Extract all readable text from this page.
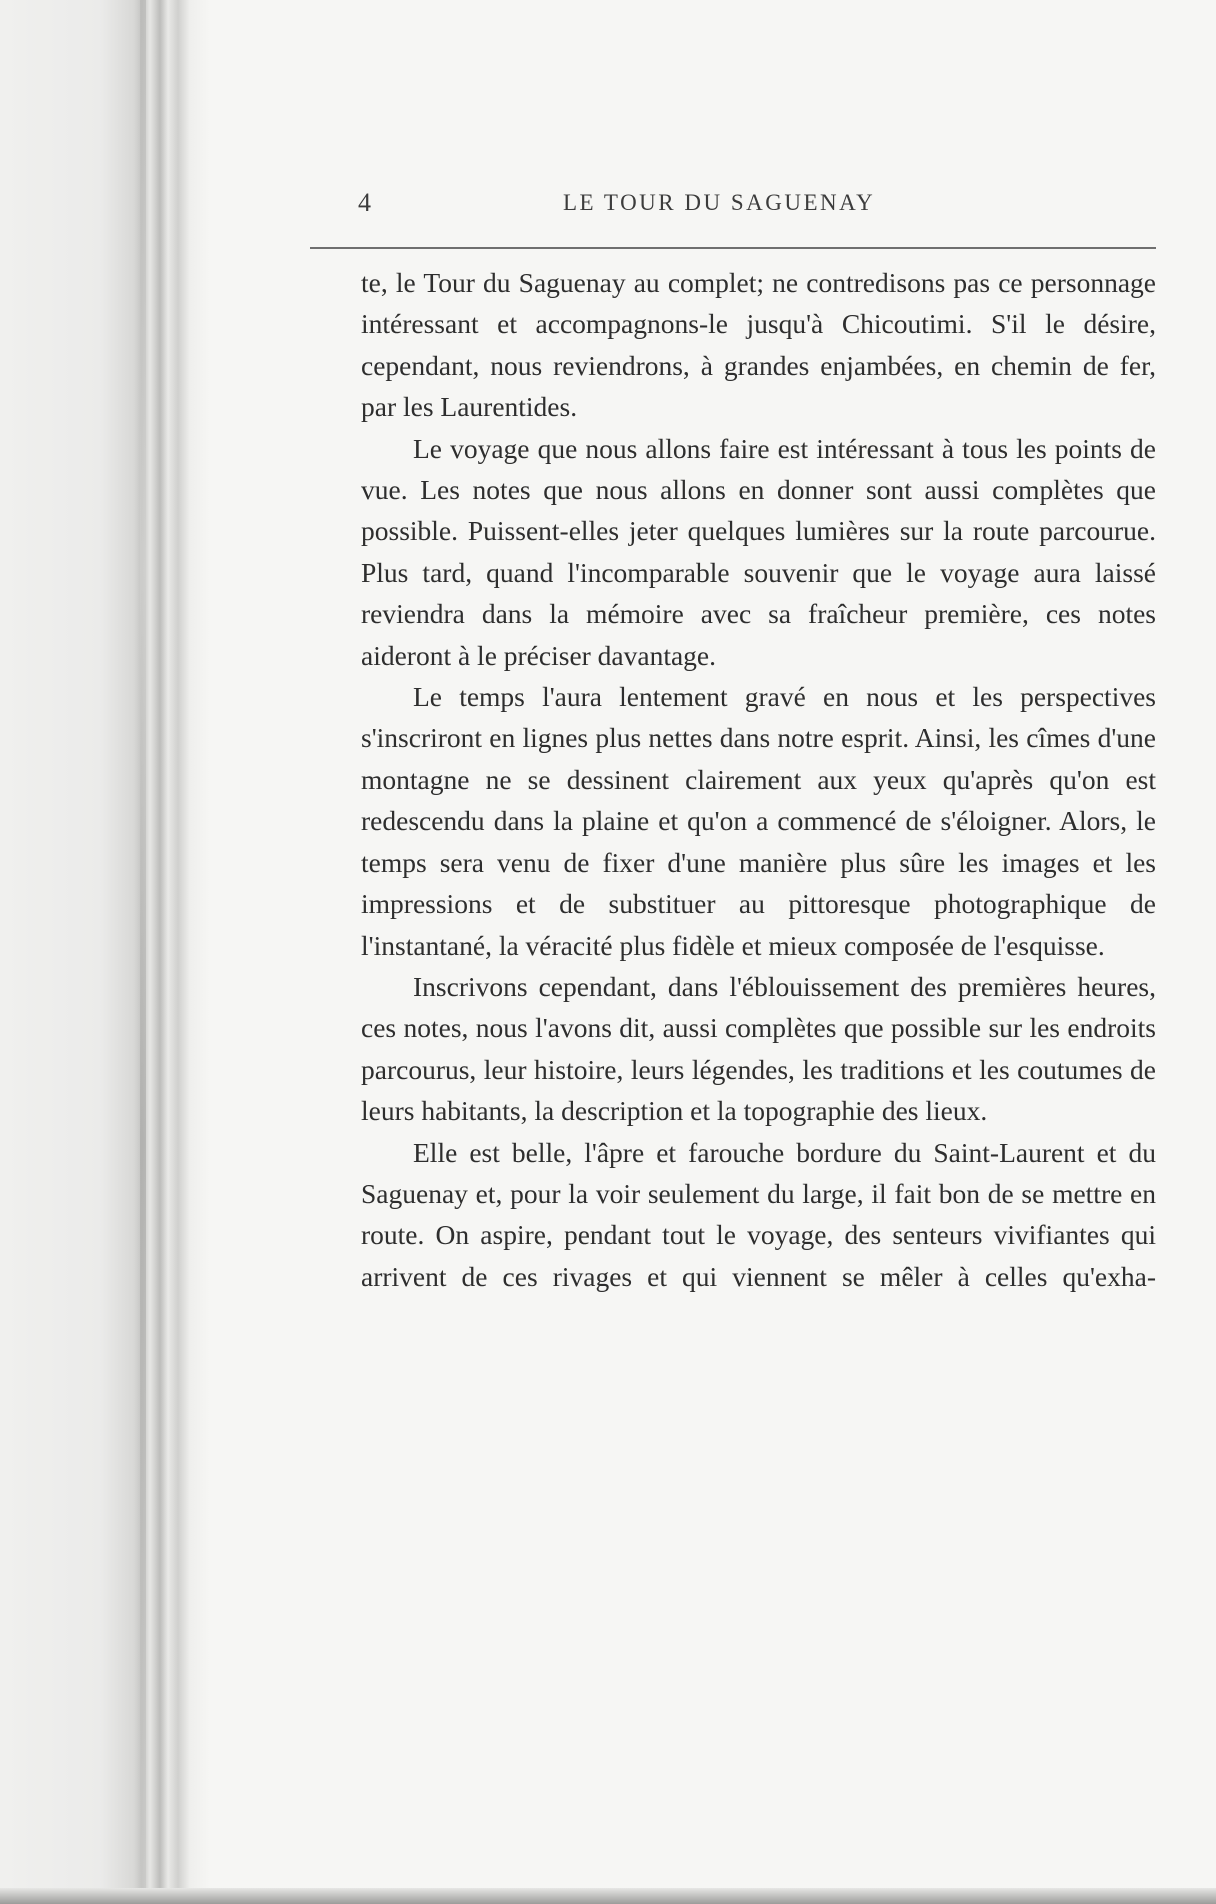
4	LE TOUR DU SAGUENAY

te, le Tour du Saguenay au complet; ne contredisons pas ce personnage intéressant et accompagnons-le jusqu'à Chicoutimi. S'il le désire, cependant, nous reviendrons, à grandes enjambées, en chemin de fer, par les Laurentides.

Le voyage que nous allons faire est intéressant à tous les points de vue. Les notes que nous allons en donner sont aussi complètes que possible. Puissent-elles jeter quelques lumières sur la route parcourue. Plus tard, quand l'incomparable souvenir que le voyage aura laissé reviendra dans la mémoire avec sa fraîcheur première, ces notes aideront à le préciser davantage.

Le temps l'aura lentement gravé en nous et les perspectives s'inscriront en lignes plus nettes dans notre esprit. Ainsi, les cîmes d'une montagne ne se dessinent clairement aux yeux qu'après qu'on est redescendu dans la plaine et qu'on a commencé de s'éloigner. Alors, le temps sera venu de fixer d'une manière plus sûre les images et les impressions et de substituer au pittoresque photographique de l'instantané, la véracité plus fidèle et mieux composée de l'esquisse.

Inscrivons cependant, dans l'éblouissement des premières heures, ces notes, nous l'avons dit, aussi complètes que possible sur les endroits parcourus, leur histoire, leurs légendes, les traditions et les coutumes de leurs habitants, la description et la topographie des lieux.

Elle est belle, l'âpre et farouche bordure du Saint-Laurent et du Saguenay et, pour la voir seulement du large, il fait bon de se mettre en route. On aspire, pendant tout le voyage, des senteurs vivifiantes qui arrivent de ces rivages et qui viennent se mêler à celles qu'exha-
